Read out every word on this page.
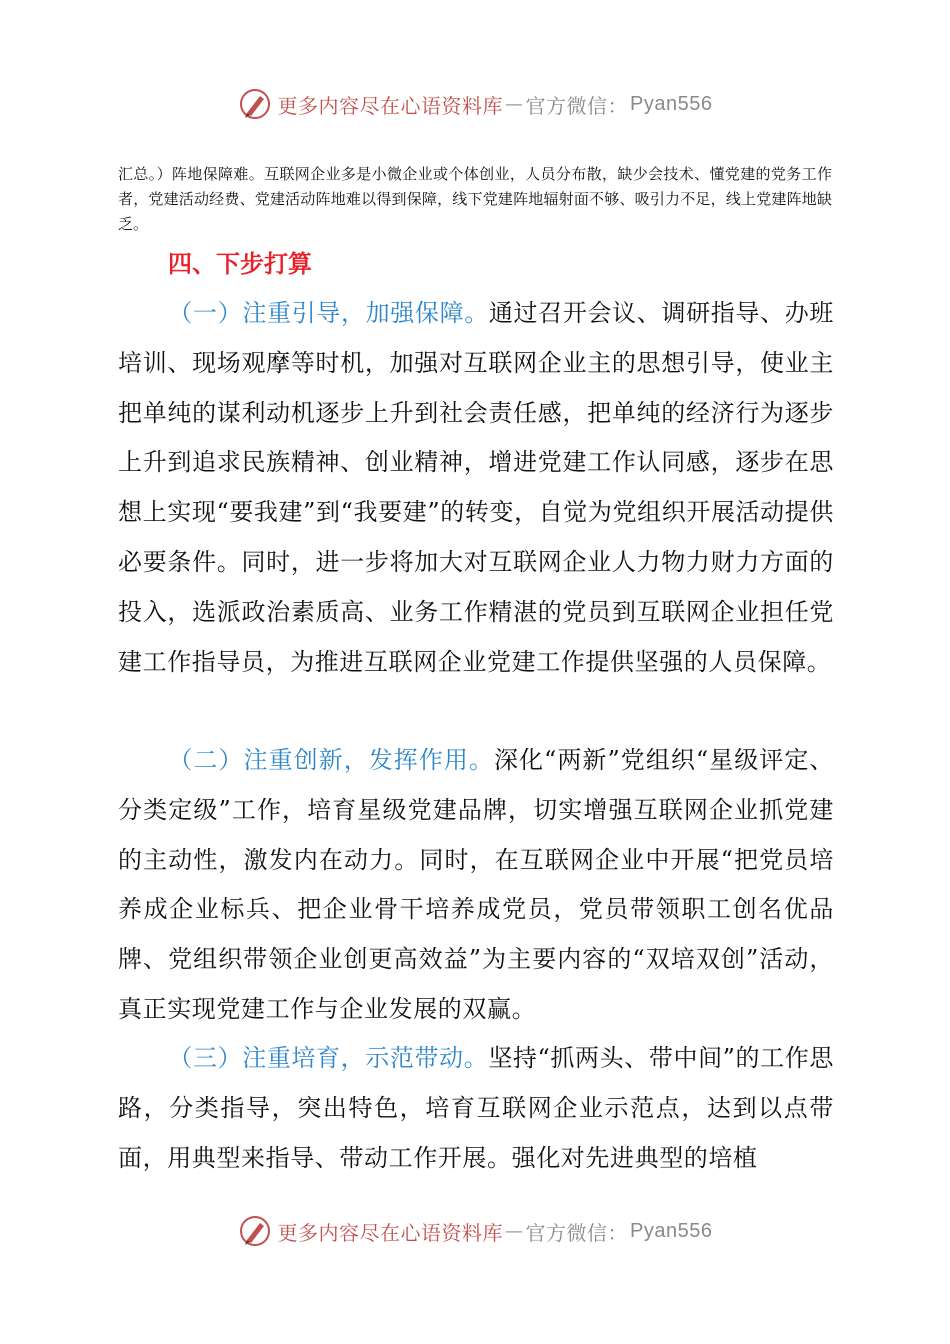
更多内容尽在心语资料库 — 官方微信： Pyan556

汇总。）阵地保障难。互联网企业多是小微企业或个体创业，人员分布散，缺少会技术、懂党建的党务工作者，党建活动经费、党建活动阵地难以得到保障，线下党建阵地辐射面不够、吸引力不足，线上党建阵地缺乏。

四、下步打算

（一）注重引导，加强保障。通过召开会议、调研指导、办班培训、现场观摩等时机，加强对互联网企业主的思想引导，使业主把单纯的谋利动机逐步上升到社会责任感，把单纯的经济行为逐步上升到追求民族精神、创业精神，增进党建工作认同感，逐步在思想上实现“要我建”到“我要建”的转变，自觉为党组织开展活动提供必要条件。同时，进一步将加大对互联网企业人力物力财力方面的投入，选派政治素质高、业务工作精湛的党员到互联网企业担任党建工作指导员，为推进互联网企业党建工作提供坚强的人员保障。

（二）注重创新，发挥作用。深化“两新”党组织“星级评定、分类定级”工作，培育星级党建品牌，切实增强互联网企业抓党建的主动性，激发内在动力。同时，在互联网企业中开展“把党员培养成企业标兵、把企业骨干培养成党员，党员带领职工创名优品牌、党组织带领企业创更高效益”为主要内容的“双培双创”活动，真正实现党建工作与企业发展的双赢。

（三）注重培育，示范带动。坚持“抓两头、带中间”的工作思路，分类指导，突出特色，培育互联网企业示范点，达到以点带面，用典型来指导、带动工作开展。强化对先进典型的培植

更多内容尽在心语资料库 — 官方微信： Pyan556
